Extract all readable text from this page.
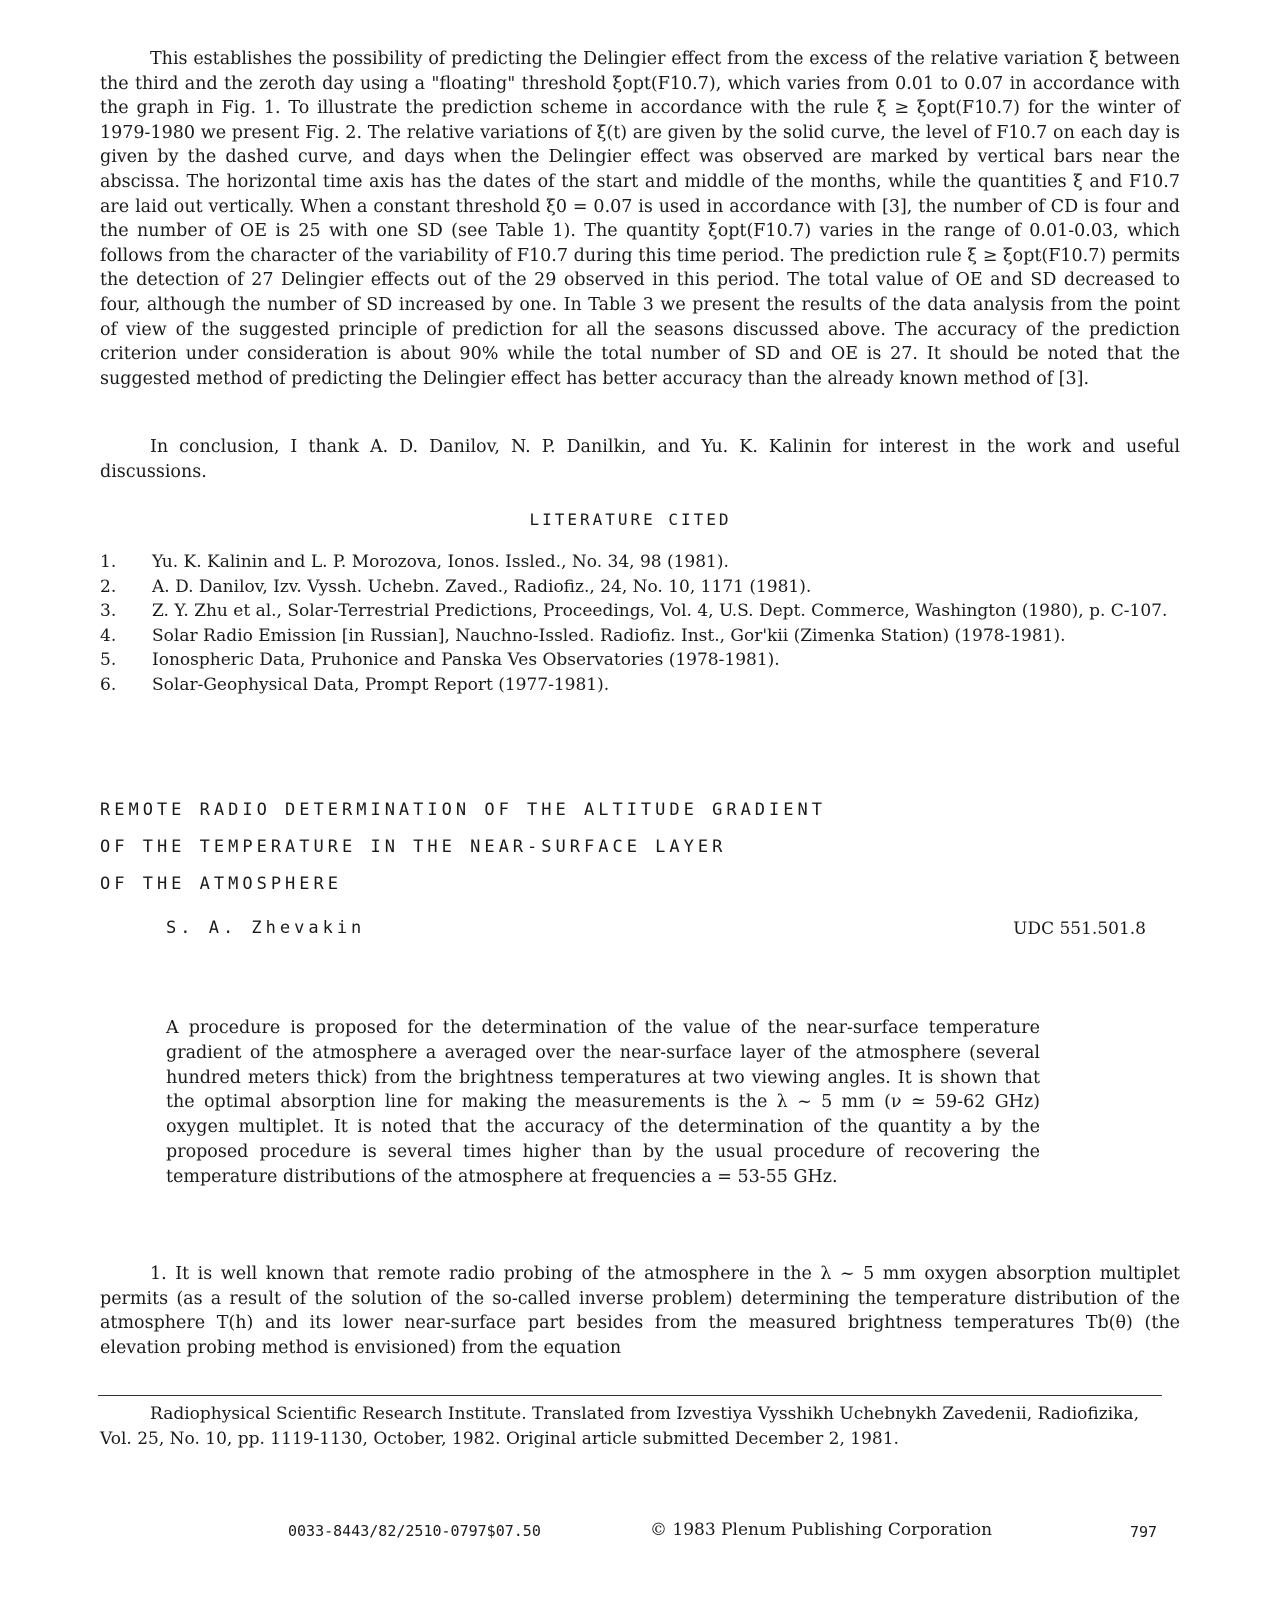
This establishes the possibility of predicting the Delingier effect from the excess of the relative variation ξ between the third and the zeroth day using a "floating" threshold ξopt(F10.7), which varies from 0.01 to 0.07 in accordance with the graph in Fig. 1. To illustrate the prediction scheme in accordance with the rule ξ ≥ ξopt(F10.7) for the winter of 1979-1980 we present Fig. 2. The relative variations of ξ(t) are given by the solid curve, the level of F10.7 on each day is given by the dashed curve, and days when the Delingier effect was observed are marked by vertical bars near the abscissa. The horizontal time axis has the dates of the start and middle of the months, while the quantities ξ and F10.7 are laid out vertically. When a constant threshold ξ0 = 0.07 is used in accordance with [3], the number of CD is four and the number of OE is 25 with one SD (see Table 1). The quantity ξopt(F10.7) varies in the range of 0.01-0.03, which follows from the character of the variability of F10.7 during this time period. The prediction rule ξ ≥ ξopt(F10.7) permits the detection of 27 Delingier effects out of the 29 observed in this period. The total value of OE and SD decreased to four, although the number of SD increased by one. In Table 3 we present the results of the data analysis from the point of view of the suggested principle of prediction for all the seasons discussed above. The accuracy of the prediction criterion under consideration is about 90% while the total number of SD and OE is 27. It should be noted that the suggested method of predicting the Delingier effect has better accuracy than the already known method of [3].

In conclusion, I thank A. D. Danilov, N. P. Danilkin, and Yu. K. Kalinin for interest in the work and useful discussions.

LITERATURE CITED
1. Yu. K. Kalinin and L. P. Morozova, Ionos. Issled., No. 34, 98 (1981).
2. A. D. Danilov, Izv. Vyssh. Uchebn. Zaved., Radiofiz., 24, No. 10, 1171 (1981).
3. Z. Y. Zhu et al., Solar-Terrestrial Predictions, Proceedings, Vol. 4, U.S. Dept. Commerce, Washington (1980), p. C-107.
4. Solar Radio Emission [in Russian], Nauchno-Issled. Radiofiz. Inst., Gor'kii (Zimenka Station) (1978-1981).
5. Ionospheric Data, Pruhonice and Panska Ves Observatories (1978-1981).
6. Solar-Geophysical Data, Prompt Report (1977-1981).
REMOTE RADIO DETERMINATION OF THE ALTITUDE GRADIENT
OF THE TEMPERATURE IN THE NEAR-SURFACE LAYER
OF THE ATMOSPHERE
S. A. Zhevakin	UDC 551.501.8

A procedure is proposed for the determination of the value of the near-surface temperature gradient of the atmosphere a averaged over the near-surface layer of the atmosphere (several hundred meters thick) from the brightness temperatures at two viewing angles. It is shown that the optimal absorption line for making the measurements is the λ ~ 5 mm (ν ≃ 59-62 GHz) oxygen multiplet. It is noted that the accuracy of the determination of the quantity a by the proposed procedure is several times higher than by the usual procedure of recovering the temperature distributions of the atmosphere at frequencies a = 53-55 GHz.

1. It is well known that remote radio probing of the atmosphere in the λ ~ 5 mm oxygen absorption multiplet permits (as a result of the solution of the so-called inverse problem) determining the temperature distribution of the atmosphere T(h) and its lower near-surface part besides from the measured brightness temperatures Tb(θ) (the elevation probing method is envisioned) from the equation

Radiophysical Scientific Research Institute. Translated from Izvestiya Vysshikh Uchebnykh Zavedenii, Radiofizika, Vol. 25, No. 10, pp. 1119-1130, October, 1982. Original article submitted December 2, 1981.
0033-8443/82/2510-0797$07.50	© 1983 Plenum Publishing Corporation	797
